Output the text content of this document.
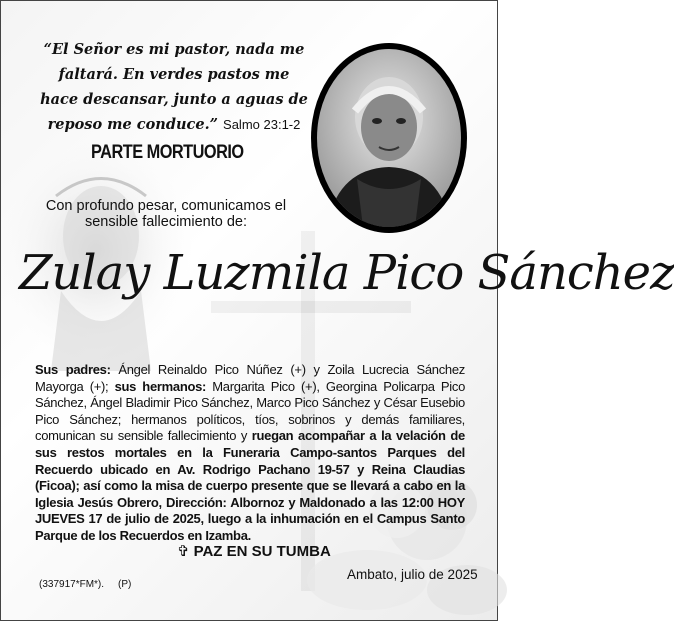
“El Señor es mi pastor, nada me faltará. En verdes pastos me hace descansar, junto a aguas de reposo me conduce.” Salmo 23:1-2
PARTE MORTUORIO
Con profundo pesar, comunicamos el sensible fallecimiento de:
Zulay Luzmila Pico Sánchez
Sus padres: Ángel Reinaldo Pico Núñez (+) y Zoila Lucrecia Sánchez Mayorga (+); sus hermanos: Margarita Pico (+), Georgina Policarpa Pico Sánchez, Ángel Bladimir Pico Sánchez, Marco Pico Sánchez y César Eusebio Pico Sánchez; hermanos políticos, tíos, sobrinos y demás familiares, comunican su sensible fallecimiento y ruegan acompañar a la velación de sus restos mortales en la Funeraria Campo-santos Parques del Recuerdo ubicado en Av. Rodrigo Pachano 19-57 y Reina Claudias (Ficoa); así como la misa de cuerpo presente que se llevará a cabo en la Iglesia Jesús Obrero, Dirección: Albornoz y Maldonado a las 12:00 HOY JUEVES 17 de julio de 2025, luego a la inhumación en el Campus Santo Parque de los Recuerdos en Izamba.
✞ PAZ EN SU TUMBA
Ambato, julio de 2025
(337917*FM*). (P)
